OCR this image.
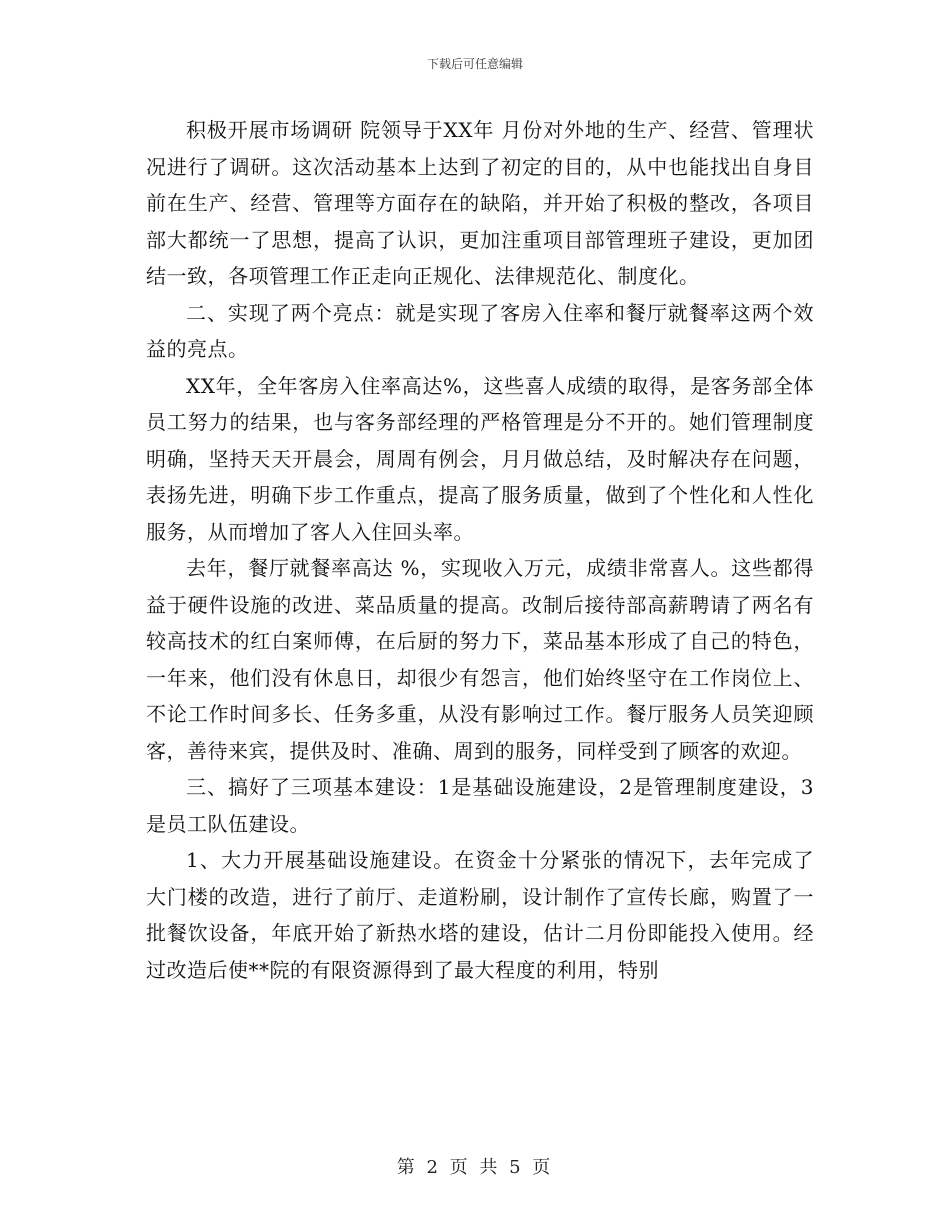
下载后可任意编辑

积极开展市场调研 院领导于XX年 月份对外地的生产、经营、管理状况进行了调研。这次活动基本上达到了初定的目的，从中也能找出自身目前在生产、经营、管理等方面存在的缺陷，并开始了积极的整改，各项目部大都统一了思想，提高了认识，更加注重项目部管理班子建设，更加团结一致，各项管理工作正走向正规化、法律规范化、制度化。

二、实现了两个亮点：就是实现了客房入住率和餐厅就餐率这两个效益的亮点。

XX年，全年客房入住率高达%，这些喜人成绩的取得，是客务部全体员工努力的结果，也与客务部经理的严格管理是分不开的。她们管理制度明确，坚持天天开晨会，周周有例会，月月做总结，及时解决存在问题，表扬先进，明确下步工作重点，提高了服务质量，做到了个性化和人性化服务，从而增加了客人入住回头率。

去年，餐厅就餐率高达 %，实现收入万元，成绩非常喜人。这些都得益于硬件设施的改进、菜品质量的提高。改制后接待部高薪聘请了两名有较高技术的红白案师傅，在后厨的努力下，菜品基本形成了自己的特色，一年来，他们没有休息日，却很少有怨言，他们始终坚守在工作岗位上、不论工作时间多长、任务多重，从没有影响过工作。餐厅服务人员笑迎顾客，善待来宾，提供及时、准确、周到的服务，同样受到了顾客的欢迎。

三、搞好了三项基本建设：1是基础设施建设，2是管理制度建设，3是员工队伍建设。

1、大力开展基础设施建设。在资金十分紧张的情况下，去年完成了大门楼的改造，进行了前厅、走道粉刷，设计制作了宣传长廊，购置了一批餐饮设备，年底开始了新热水塔的建设，估计二月份即能投入使用。经过改造后使**院的有限资源得到了最大程度的利用，特别

第 2 页 共 5 页
